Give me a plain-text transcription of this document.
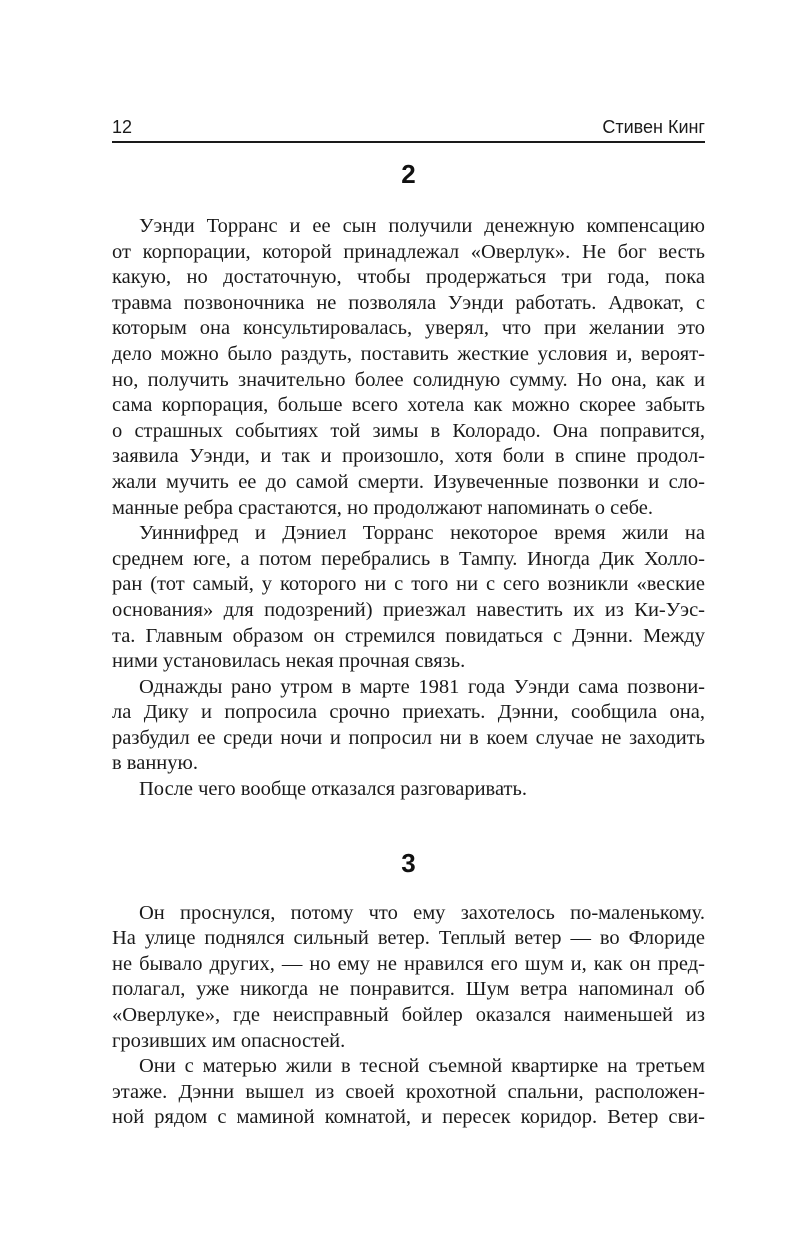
12	Стивен Кинг
2
Уэнди Торранс и ее сын получили денежную компенсацию
от корпорации, которой принадлежал «Оверлук». Не бог весть
какую, но достаточную, чтобы продержаться три года, пока
травма позвоночника не позволяла Уэнди работать. Адвокат, с
которым она консультировалась, уверял, что при желании это
дело можно было раздуть, поставить жесткие условия и, вероят-
но, получить значительно более солидную сумму. Но она, как и
сама корпорация, больше всего хотела как можно скорее забыть
о страшных событиях той зимы в Колорадо. Она поправится,
заявила Уэнди, и так и произошло, хотя боли в спине продол-
жали мучить ее до самой смерти. Изувеченные позвонки и сло-
манные ребра срастаются, но продолжают напоминать о себе.
Уиннифред и Дэниел Торранс некоторое время жили на
среднем юге, а потом перебрались в Тампу. Иногда Дик Холло-
ран (тот самый, у которого ни с того ни с сего возникли «веские
основания» для подозрений) приезжал навестить их из Ки-Уэс-
та. Главным образом он стремился повидаться с Дэнни. Между
ними установилась некая прочная связь.
Однажды рано утром в марте 1981 года Уэнди сама позвони-
ла Дику и попросила срочно приехать. Дэнни, сообщила она,
разбудил ее среди ночи и попросил ни в коем случае не заходить
в ванную.
После чего вообще отказался разговаривать.
3
Он проснулся, потому что ему захотелось по-маленькому.
На улице поднялся сильный ветер. Теплый ветер — во Флориде
не бывало других, — но ему не нравился его шум и, как он пред-
полагал, уже никогда не понравится. Шум ветра напоминал об
«Оверлуке», где неисправный бойлер оказался наименьшей из
грозивших им опасностей.
Они с матерью жили в тесной съемной квартирке на третьем
этаже. Дэнни вышел из своей крохотной спальни, расположен-
ной рядом с маминой комнатой, и пересек коридор. Ветер сви-
